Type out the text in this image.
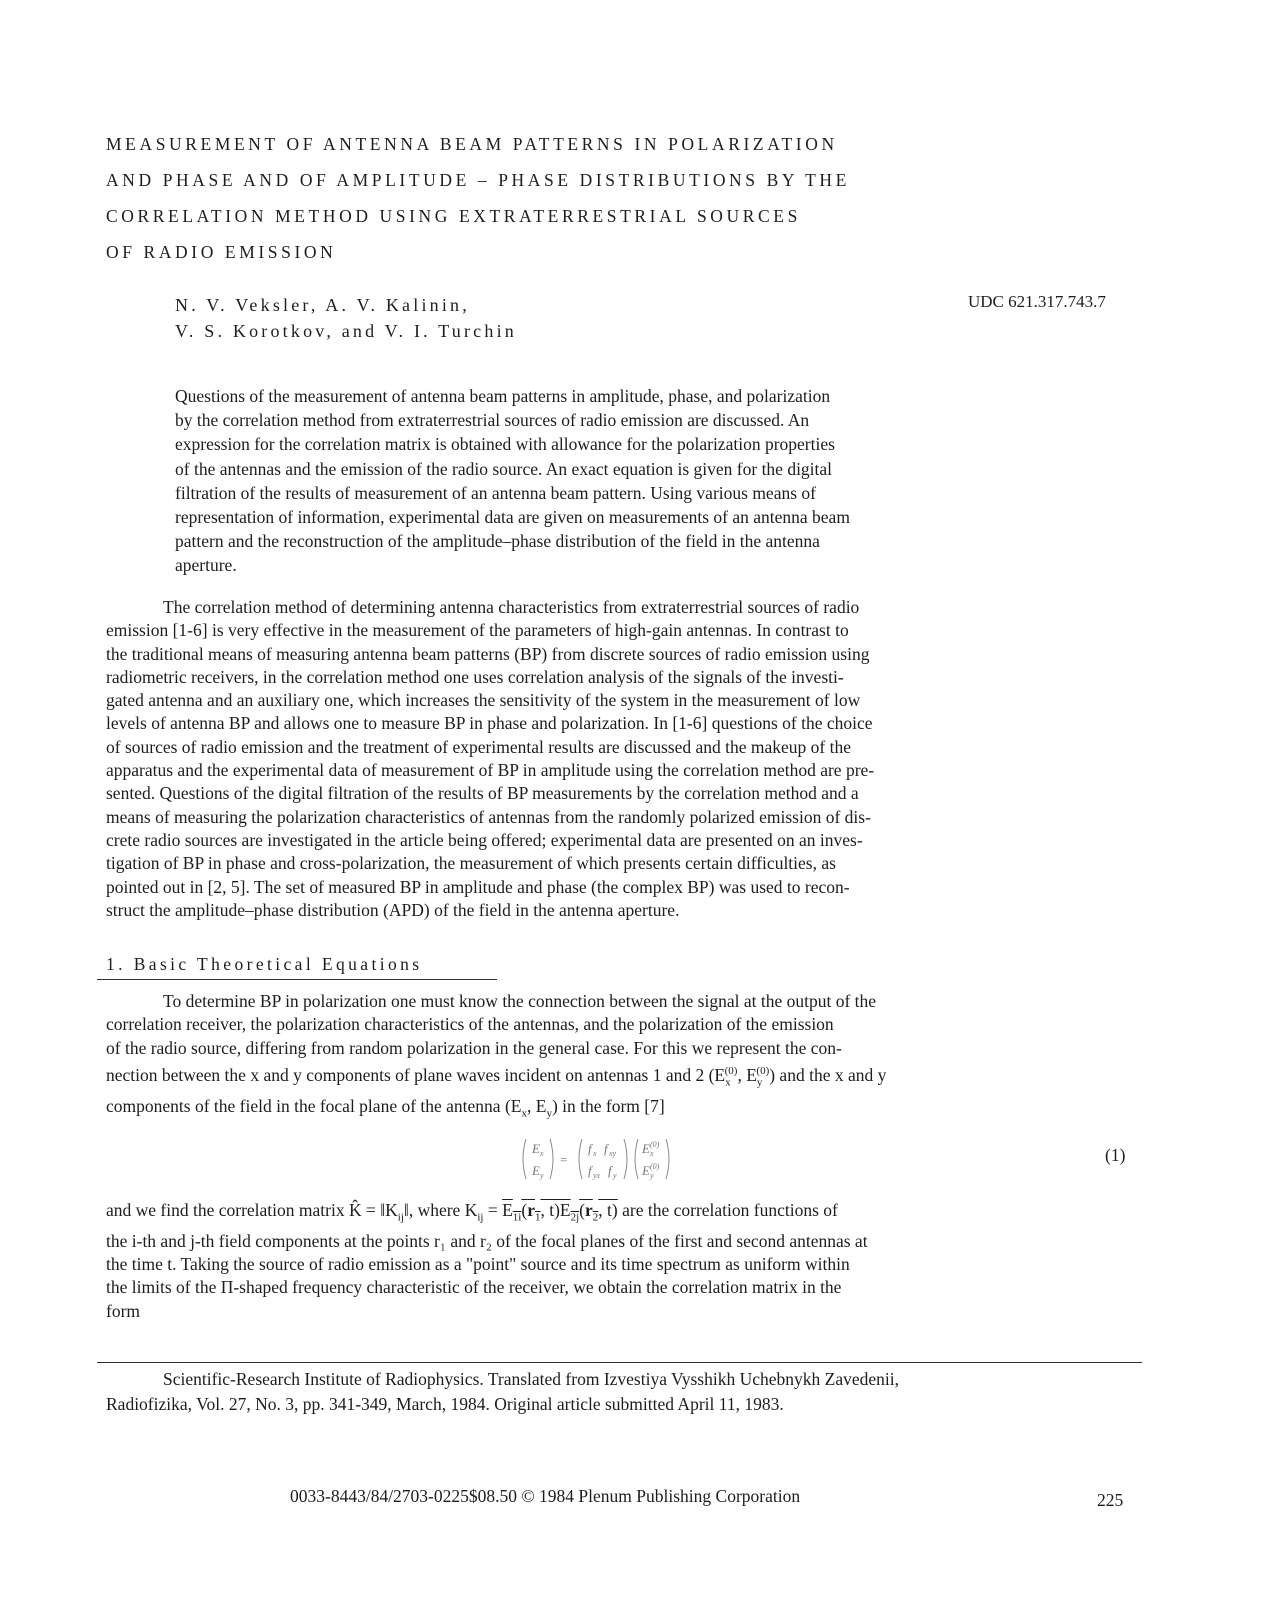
MEASUREMENT OF ANTENNA BEAM PATTERNS IN POLARIZATION
AND PHASE AND OF AMPLITUDE – PHASE DISTRIBUTIONS BY THE
CORRELATION METHOD USING EXTRATERRESTRIAL SOURCES
OF RADIO EMISSION
N. V. Veksler, A. V. Kalinin,
V. S. Korotkov, and V. I. Turchin
UDC 621.317.743.7
Questions of the measurement of antenna beam patterns in amplitude, phase, and polarization
by the correlation method from extraterrestrial sources of radio emission are discussed. An
expression for the correlation matrix is obtained with allowance for the polarization properties
of the antennas and the emission of the radio source. An exact equation is given for the digital
filtration of the results of measurement of an antenna beam pattern. Using various means of
representation of information, experimental data are given on measurements of an antenna beam
pattern and the reconstruction of the amplitude–phase distribution of the field in the antenna
aperture.
The correlation method of determining antenna characteristics from extraterrestrial sources of radio
emission [1-6] is very effective in the measurement of the parameters of high-gain antennas. In contrast to
the traditional means of measuring antenna beam patterns (BP) from discrete sources of radio emission using
radiometric receivers, in the correlation method one uses correlation analysis of the signals of the investi-
gated antenna and an auxiliary one, which increases the sensitivity of the system in the measurement of low
levels of antenna BP and allows one to measure BP in phase and polarization. In [1-6] questions of the choice
of sources of radio emission and the treatment of experimental results are discussed and the makeup of the
apparatus and the experimental data of measurement of BP in amplitude using the correlation method are pre-
sented. Questions of the digital filtration of the results of BP measurements by the correlation method and a
means of measuring the polarization characteristics of antennas from the randomly polarized emission of dis-
crete radio sources are investigated in the article being offered; experimental data are presented on an inves-
tigation of BP in phase and cross-polarization, the measurement of which presents certain difficulties, as
pointed out in [2, 5]. The set of measured BP in amplitude and phase (the complex BP) was used to recon-
struct the amplitude–phase distribution (APD) of the field in the antenna aperture.
1. Basic Theoretical Equations
To determine BP in polarization one must know the connection between the signal at the output of the
correlation receiver, the polarization characteristics of the antennas, and the polarization of the emission
of the radio source, differing from random polarization in the general case. For this we represent the con-
nection between the x and y components of plane waves incident on antennas 1 and 2 ($E_x^{(0)}$, $E_y^{(0)}$) and the x and y
components of the field in the focal plane of the antenna ($E_x$, $E_y$) in the form [7]
E x
E y
=
f x f xy
f yx f y
E (0)
x
E (0)
y
(1)
and we find the correlation matrix K̂ = $‖K_{ij}‖$, where $K_{ij} = E_{1i}(r_1$, $t)E_{2j}(r_2$, t) are the correlation functions of
the i-th and j-th field components at the points r₁ and r₂ of the focal planes of the first and second antennas at
the time t. Taking the source of radio emission as a "point" source and its time spectrum as uniform within
the limits of the Π-shaped frequency characteristic of the receiver, we obtain the correlation matrix in the
form
Scientific-Research Institute of Radiophysics. Translated from Izvestiya Vysshikh Uchebnykh Zavedenii,
Radiofizika, Vol. 27, No. 3, pp. 341-349, March, 1984. Original article submitted April 11, 1983.
0033-8443/84/2703-0225$08.50 © 1984 Plenum Publishing Corporation	225
